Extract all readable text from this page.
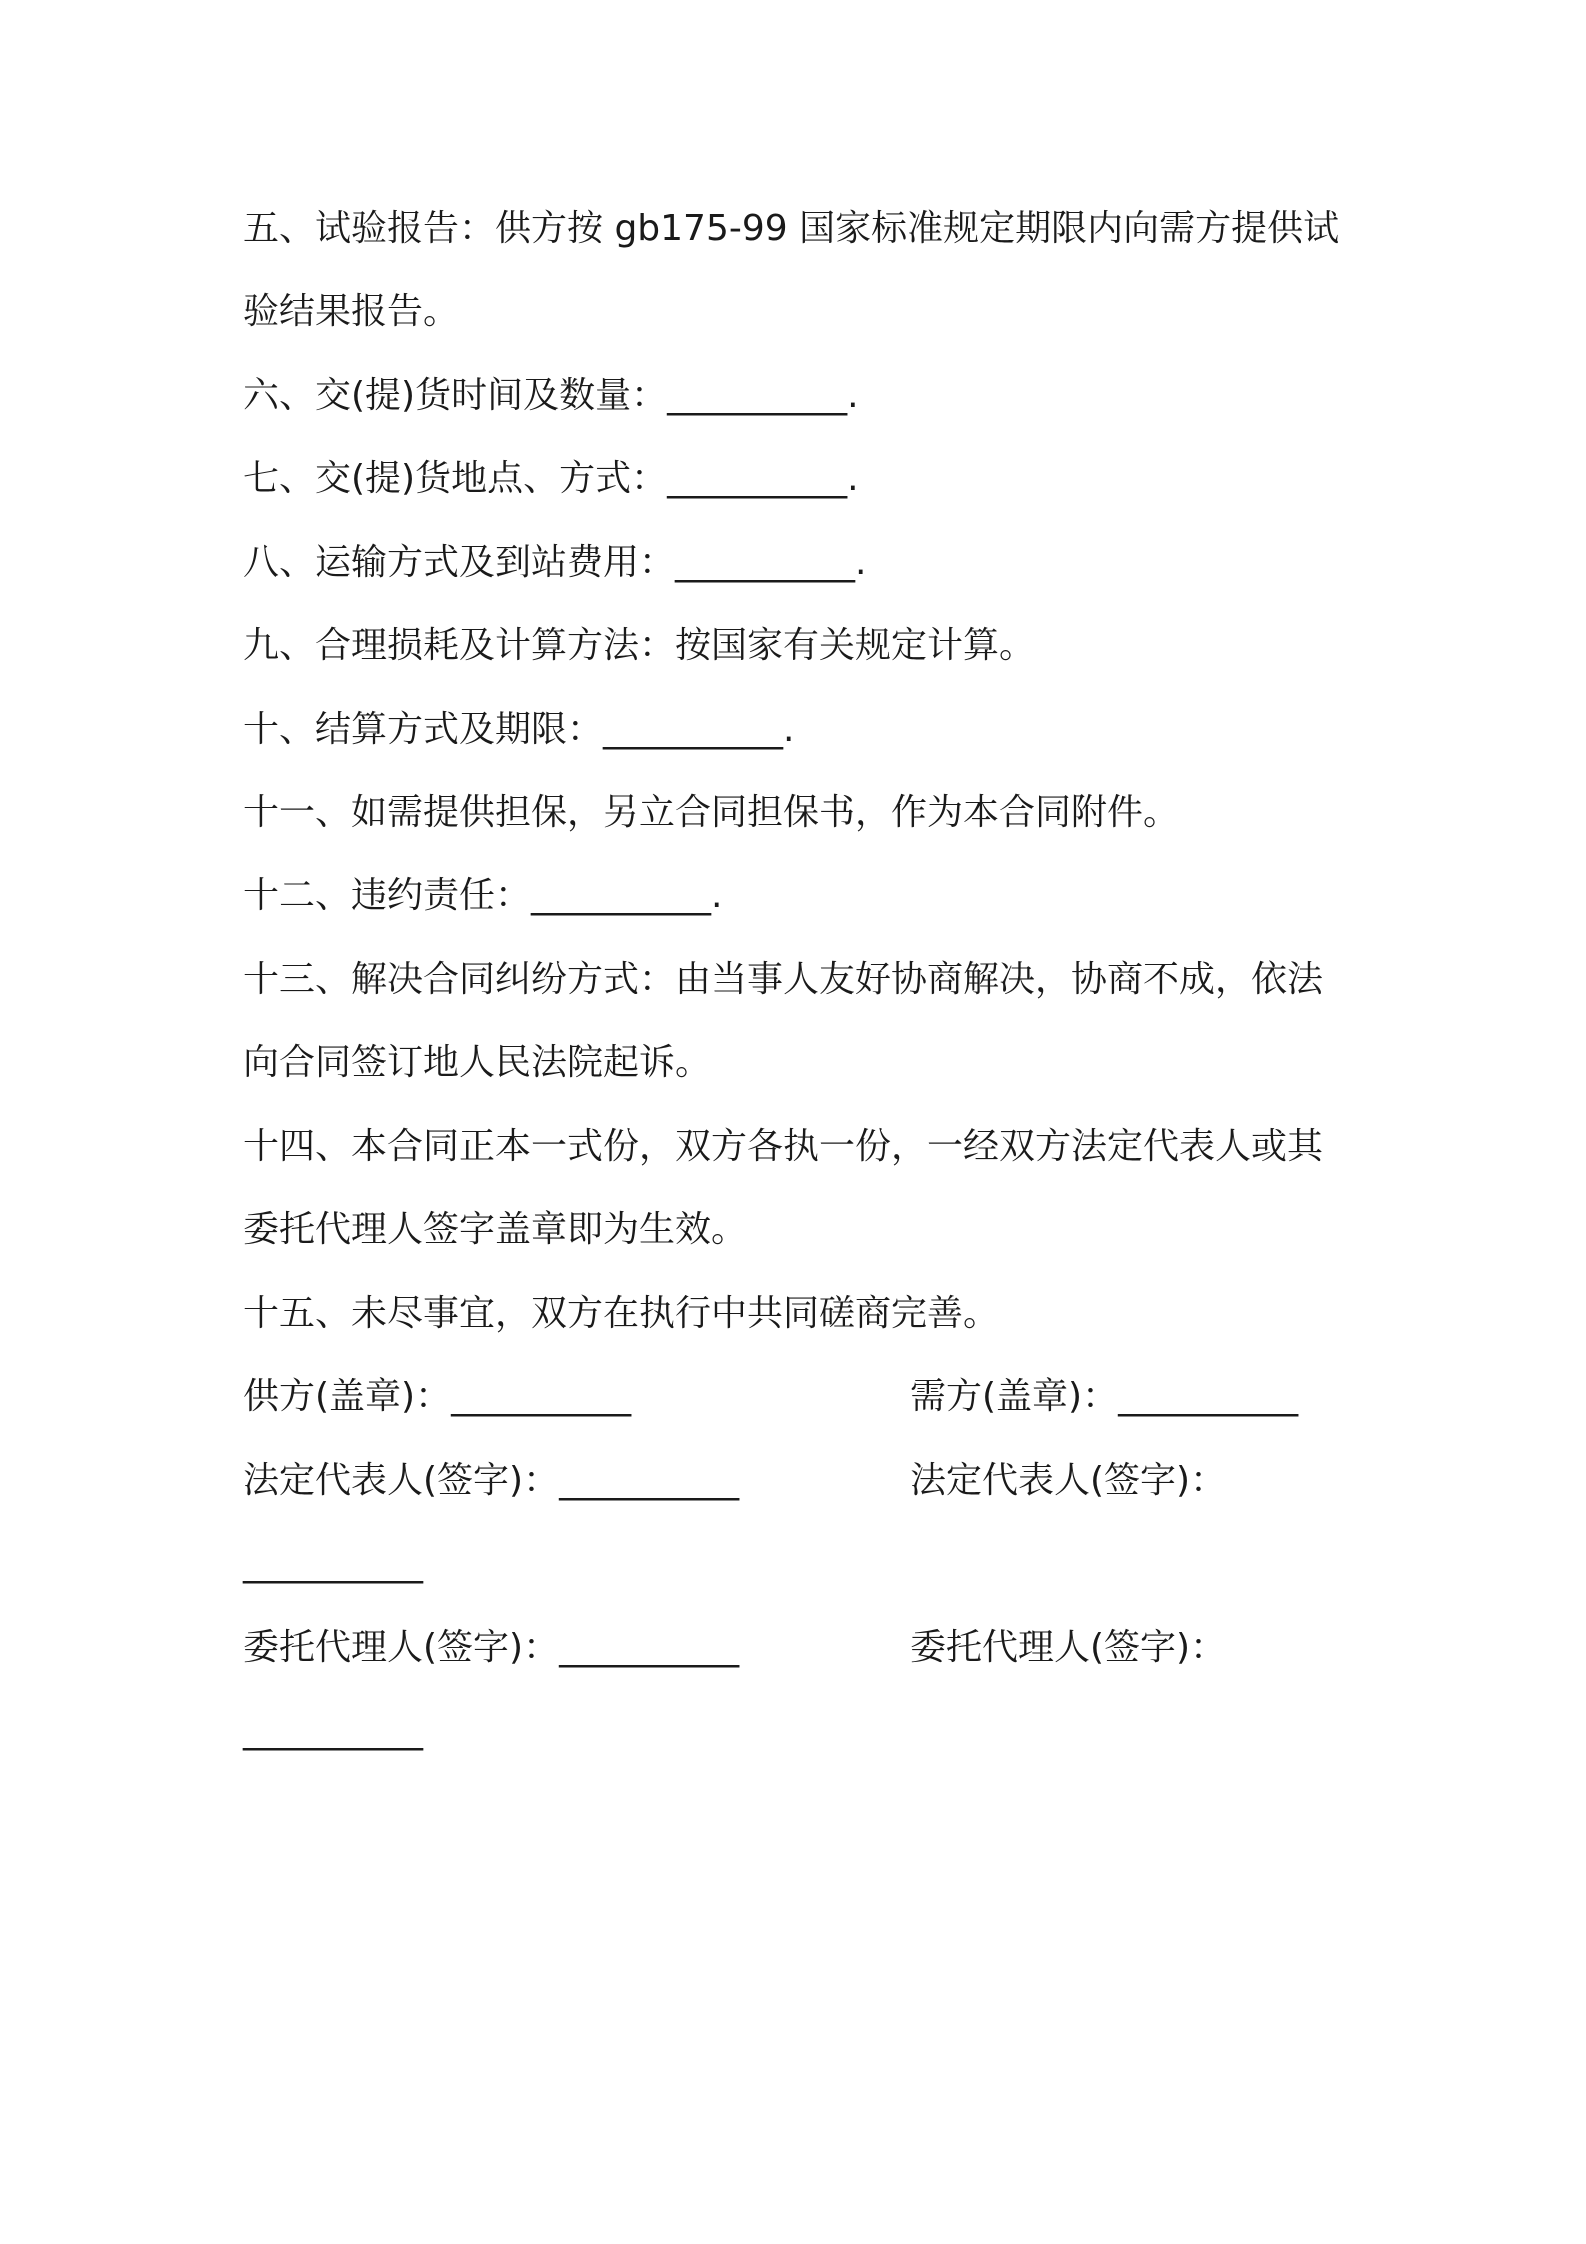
五、试验报告：供方按 gb175-99 国家标准规定期限内向需方提供试
验结果报告。
六、交(提)货时间及数量：__________.
七、交(提)货地点、方式：__________.
八、运输方式及到站费用：__________.
九、合理损耗及计算方法：按国家有关规定计算。
十、结算方式及期限：__________.
十一、如需提供担保，另立合同担保书，作为本合同附件。
十二、违约责任：__________.
十三、解决合同纠纷方式：由当事人友好协商解决，协商不成，依法
向合同签订地人民法院起诉。
十四、本合同正本一式份，双方各执一份，一经双方法定代表人或其
委托代理人签字盖章即为生效。
十五、未尽事宜，双方在执行中共同磋商完善。
供方(盖章)：__________	需方(盖章)：__________
法定代表人(签字)：__________	法定代表人(签字)：
__________
委托代理人(签字)：__________	委托代理人(签字)：
__________
